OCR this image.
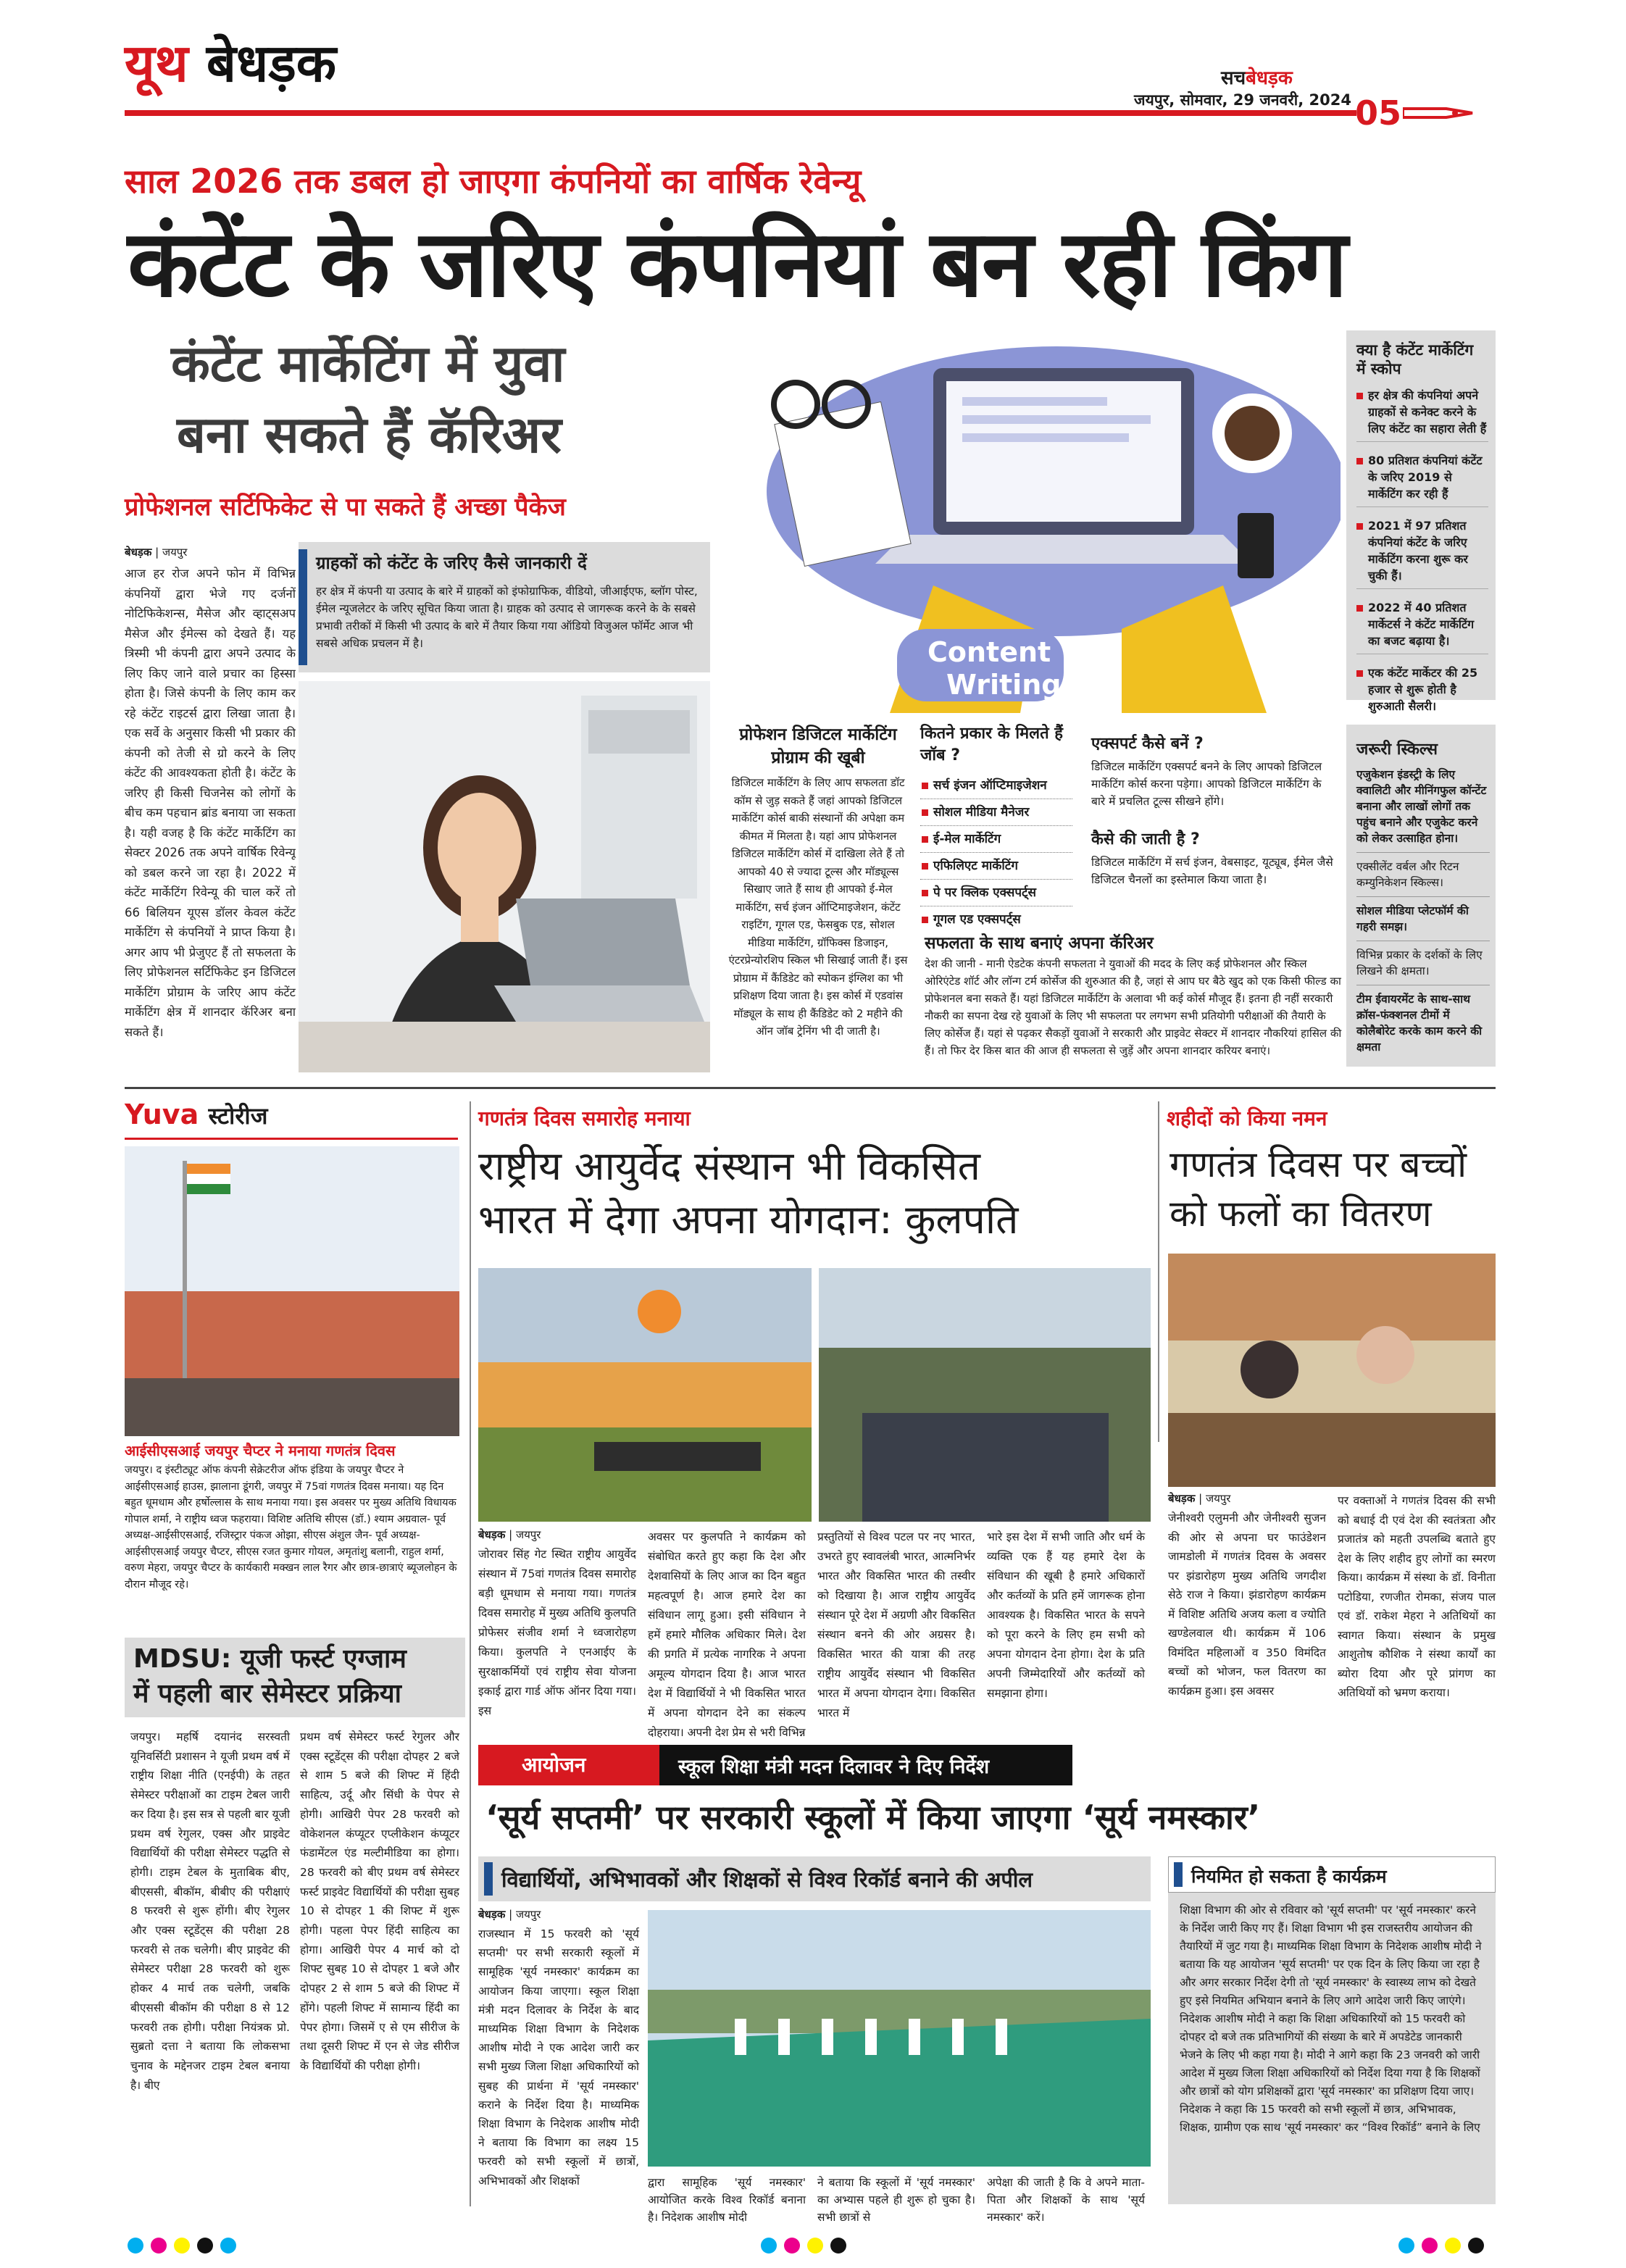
यूथ बेधड़क	सचबेधड़क
जयपुर, सोमवार, 29 जनवरी, 2024 05
साल 2026 तक डबल हो जाएगा कंपनियों का वार्षिक रेवेन्यू
कंटेंट के जरिए कंपनियां बन रही किंग
कंटेंट मार्केटिंग में युवा
बना सकते हैं कॅरिअर
प्रोफेशनल सर्टिफिकेट से पा सकते हैं अच्छा पैकेज
बेधड़क | जयपुर
आज हर रोज अपने फोन में विभिन्न कंपनियों द्वारा भेजे गए दर्जनों नोटिफिकेशन्स, मैसेज और व्हाट्सअप मैसेज और ईमेल्स को देखते हैं। यह त्रिस्मी भी कंपनी द्वारा अपने उत्पाद के लिए किए जाने वाले प्रचार का हिस्सा होता है। जिसे कंपनी के लिए काम कर रहे कंटेंट राइटर्स द्वारा लिखा जाता है। एक सर्वे के अनुसार किसी भी प्रकार की कंपनी को तेजी से ग्रो करने के लिए कंटेंट की आवश्यकता होती है। कंटेंट के जरिए ही किसी चिजनेस को लोगों के बीच कम पहचान ब्रांड बनाया जा सकता है। यही वजह है कि कंटेंट मार्केटिंग का सेक्टर 2026 तक अपने वार्षिक रिवेन्यू को डबल करने जा रहा है। 2022 में कंटेंट मार्केटिंग रिवेन्यू की चाल करें तो 66 बिलियन यूएस डॉलर केवल कंटेंट मार्केटिंग से कंपनियों ने प्राप्त किया है। अगर आप भी प्रेजुएट हैं तो सफलता के लिए प्रोफेशनल सर्टिफिकेट इन डिजिटल मार्केटिंग प्रोग्राम के जरिए आप कंटेंट मार्केटिंग क्षेत्र में शानदार कॅरिअर बना सकते हैं।
ग्राहकों को कंटेंट के जरिए कैसे जानकारी दें
हर क्षेत्र में कंपनी या उत्पाद के बारे में ग्राहकों को इंफोग्राफिक, वीडियो, जीआईएफ, ब्लॉग पोस्ट, ईमेल न्यूजलेटर के जरिए सूचित किया जाता है। ग्राहक को उत्पाद से जागरूक करने के के सबसे प्रभावी तरीकों में किसी भी उत्पाद के बारे में तैयार किया गया ऑडियो विजुअल फॉर्मेट आज भी सबसे अधिक प्रचलन में है।	Content
Writing
क्या है कंटेंट मार्केटिंग में स्कोप
हर क्षेत्र की कंपनियां अपने ग्राहकों से कनेक्ट करने के लिए कंटेंट का सहारा लेती हैं
80 प्रतिशत कंपनियां कंटेंट के जरिए 2019 से मार्केटिंग कर रही हैं
2021 में 97 प्रतिशत कंपनियां कंटेंट के जरिए मार्केटिंग करना शुरू कर चुकी हैं।
2022 में 40 प्रतिशत मार्केटर्स ने कंटेंट मार्केटिंग का बजट बढ़ाया है।
एक कंटेंट मार्केटर की 25 हजार से शुरू होती है शुरुआती सैलरी।
प्रोफेशन डिजिटल मार्केटिंग प्रोग्राम की खूबी
डिजिटल मार्केटिंग के लिए आप सफलता डॉट कॉम से जुड़ सकते हैं जहां आपको डिजिटल मार्केटिंग कोर्स बाकी संस्थानों की अपेक्षा कम कीमत में मिलता है। यहां आप प्रोफेशनल डिजिटल मार्केटिंग कोर्स में दाखिला लेते हैं तो आपको 40 से ज्यादा टूल्स और मॉड्यूल्स सिखाए जाते हैं साथ ही आपको ई-मेल मार्केटिंग, सर्च इंजन ऑप्टिमाइजेशन, कंटेंट राइटिंग, गूगल एड, फेसबुक एड, सोशल मीडिया मार्केटिंग, ग्रॉफिक्स डिजाइन, एंटरप्रेन्योरशिप स्किल भी सिखाई जाती हैं। इस प्रोग्राम में कैंडिडेट को स्पोकन इंग्लिश का भी प्रशिक्षण दिया जाता है। इस कोर्स में एडवांस मॉड्यूल के साथ ही कैंडिडेट को 2 महीने की ऑन जॉब ट्रेनिंग भी दी जाती है।
कितने प्रकार के मिलते हैं जॉब ?
सर्च इंजन ऑप्टिमाइजेशन
सोशल मीडिया मैनेजर
ई-मेल मार्केटिंग
एफिलिएट मार्केटिंग
पे पर क्लिक एक्सपर्ट्स
गूगल एड एक्सपर्ट्स
एक्सपर्ट कैसे बनें ?
डिजिटल मार्केटिंग एक्सपर्ट बनने के लिए आपको डिजिटल मार्केटिंग कोर्स करना पड़ेगा। आपको डिजिटल मार्केटिंग के बारे में प्रचलित टूल्स सीखने होंगे।
कैसे की जाती है ?
डिजिटल मार्केटिंग में सर्च इंजन, वेबसाइट, यूट्यूब, ईमेल जैसे डिजिटल चैनलों का इस्तेमाल किया जाता है।
सफलता के साथ बनाएं अपना कॅरिअर
देश की जानी - मानी ऐडटेक कंपनी सफलता ने युवाओं की मदद के लिए कई प्रोफेशनल और स्किल ओरिएंटेड शॉर्ट और लॉन्ग टर्म कोर्सेज की शुरुआत की है, जहां से आप घर बैठे खुद को एक किसी फील्ड का प्रोफेशनल बना सकते हैं। यहां डिजिटल मार्केटिंग के अलावा भी कई कोर्स मौजूद हैं। इतना ही नहीं सरकारी नौकरी का सपना देख रहे युवाओं के लिए भी सफलता पर लगभग सभी प्रतियोगी परीक्षाओं की तैयारी के लिए कोर्सेज हैं। यहां से पढ़कर सैकड़ों युवाओं ने सरकारी और प्राइवेट सेक्टर में शानदार नौकरियां हासिल की हैं। तो फिर देर किस बात की आज ही सफलता से जुड़ें और अपना शानदार करियर बनाएं।
जरूरी स्किल्स
एजुकेशन इंडस्ट्री के लिए क्वालिटी और मीनिंगफुल कॉन्टेंट बनाना और लाखों लोगों तक पहुंच बनाने और एजुकेट करने को लेकर उत्साहित होना।
एक्सीलेंट वर्बल और रिटन कम्युनिकेशन स्किल्स।
सोशल मीडिया प्लेटफॉर्म की गहरी समझ।
विभिन्न प्रकार के दर्शकों के लिए लिखने की क्षमता।
टीम ईवायरमेंट के साथ-साथ क्रॉस-फंक्शनल टीमों में कोलैबोरेट करके काम करने की क्षमता
Yuva स्टोरीज
आईसीएसआई जयपुर चैप्टर ने मनाया गणतंत्र दिवस
जयपुर। द इंस्टीट्यूट ऑफ कंपनी सेक्रेटरीज ऑफ इंडिया के जयपुर चैप्टर ने आईसीएसआई हाउस, झालाना डूंगरी, जयपुर में 75वां गणतंत्र दिवस मनाया। यह दिन बहुत धूमधाम और हर्षोल्लास के साथ मनाया गया। इस अवसर पर मुख्य अतिथि विधायक गोपाल शर्मा, ने राष्ट्रीय ध्वज फहराया। विशिष्ट अतिथि सीएस (डॉ.) श्याम अग्रवाल- पूर्व अध्यक्ष-आईसीएसआई, रजिस्ट्रार पंकज ओझा, सीएस अंशुल जैन- पूर्व अध्यक्ष-आईसीएसआई जयपुर चैप्टर, सीएस रजत कुमार गोयल, अमृतांशु बलानी, राहुल शर्मा, वरुण मेहरा, जयपुर चैप्टर के कार्यकारी मक्खन लाल रैगर और छात्र-छात्राएं ब्यूजलोहन के दौरान मौजूद रहे।
MDSU: यूजी फर्स्ट एग्जाम
में पहली बार सेमेस्टर प्रक्रिया
जयपुर। महर्षि दयानंद सरस्वती यूनिवर्सिटी प्रशासन ने यूजी प्रथम वर्ष में राष्ट्रीय शिक्षा नीति (एनईपी) के तहत सेमेस्टर परीक्षाओं का टाइम टेबल जारी कर दिया है। इस सत्र से पहली बार यूजी प्रथम वर्ष रेगुलर, एक्स और प्राइवेट विद्यार्थियों की परीक्षा सेमेस्टर पद्धति से होगी। टाइम टेबल के मुताबिक बीए, बीएससी, बीकॉम, बीबीए की परीक्षाएं 8 फरवरी से शुरू होंगी। बीए रेगुलर और एक्स स्टूडेंट्स की परीक्षा 28 फरवरी से तक चलेगी। बीए प्राइवेट की सेमेस्टर परीक्षा 28 फरवरी को शुरू होकर 4 मार्च तक चलेगी, जबकि बीएससी बीकॉम की परीक्षा 8 से 12 फरवरी तक होगी। परीक्षा नियंत्रक प्रो. सुब्रतो दत्ता ने बताया कि लोकसभा चुनाव के मद्देनजर टाइम टेबल बनाया है। बीए
प्रथम वर्ष सेमेस्टर फर्स्ट रेगुलर और एक्स स्टूडेंट्स की परीक्षा दोपहर 2 बजे से शाम 5 बजे की शिफ्ट में हिंदी साहित्य, उर्दू और सिंधी के पेपर से होगी। आखिरी पेपर 28 फरवरी को वोकेशनल कंप्यूटर एप्लीकेशन कंप्यूटर फंडामेंटल एंड मल्टीमीडिया का होगा। 28 फरवरी को बीए प्रथम वर्ष सेमेस्टर फर्स्ट प्राइवेट विद्यार्थियों की परीक्षा सुबह 10 से दोपहर 1 की शिफ्ट में शुरू होगी। पहला पेपर हिंदी साहित्य का होगा। आखिरी पेपर 4 मार्च को दो शिफ्ट सुबह 10 से दोपहर 1 बजे और दोपहर 2 से शाम 5 बजे की शिफ्ट में होंगे। पहली शिफ्ट में सामान्य हिंदी का पेपर होगा। जिसमें ए से एम सीरीज के तथा दूसरी शिफ्ट में एन से जेड सीरीज के विद्यार्थियों की परीक्षा होगी।
गणतंत्र दिवस समारोह मनाया
राष्ट्रीय आयुर्वेद संस्थान भी विकसित
भारत में देगा अपना योगदान: कुलपति
बेधड़क | जयपुर
जोरावर सिंह गेट स्थित राष्ट्रीय आयुर्वेद संस्थान में 75वां गणतंत्र दिवस समारोह बड़ी धूमधाम से मनाया गया। गणतंत्र दिवस समारोह में मुख्य अतिथि कुलपति प्रोफेसर संजीव शर्मा ने ध्वजारोहण किया। कुलपति ने एनआईए के सुरक्षाकर्मियों एवं राष्ट्रीय सेवा योजना इकाई द्वारा गार्ड ऑफ ऑनर दिया गया। इस
अवसर पर कुलपति ने कार्यक्रम को संबोधित करते हुए कहा कि देश और देशवासियों के लिए आज का दिन बहुत महत्वपूर्ण है। आज हमारे देश का संविधान लागू हुआ। इसी संविधान ने हमें हमारे मौलिक अधिकार मिले। देश की प्रगति में प्रत्येक नागरिक ने अपना अमूल्य योगदान दिया है। आज भारत देश में विद्यार्थियों ने भी विकसित भारत में अपना योगदान देने का संकल्प दोहराया। अपनी देश प्रेम से भरी विभिन्न
प्रस्तुतियों से विश्व पटल पर नए भारत, उभरते हुए स्वावलंबी भारत, आत्मनिर्भर भारत और विकसित भारत की तस्वीर को दिखाया है। आज राष्ट्रीय आयुर्वेद संस्थान पूरे देश में अग्रणी और विकसित संस्थान बनने की ओर अग्रसर है। विकसित भारत की यात्रा की तरह राष्ट्रीय आयुर्वेद संस्थान भी विकसित भारत में अपना योगदान देगा। विकसित भारत में
भारे इस देश में सभी जाति और धर्म के व्यक्ति एक हैं यह हमारे देश के संविधान की खूबी है हमारे अधिकारों और कर्तव्यों के प्रति हमें जागरूक होना आवश्यक है। विकसित भारत के सपने को पूरा करने के लिए हम सभी को अपना योगदान देना होगा। देश के प्रति अपनी जिम्मेदारियों और कर्तव्यों को समझाना होगा।
शहीदों को किया नमन
गणतंत्र दिवस पर बच्चों
को फलों का वितरण
बेधड़क | जयपुर
जेनीश्वरी एलुमनी और जेनीश्वरी सुजन की ओर से अपना घर फाउंडेशन जामडोली में गणतंत्र दिवस के अवसर पर झंडारोहण मुख्य अतिथि जगदीश सेठे राज ने किया। झंडारोहण कार्यक्रम में विशिष्ट अतिथि अजय कला व ज्योति खण्डेलवाल थी। कार्यक्रम में 106 विमंदित महिलाओं व 350 विमंदित बच्चों को भोजन, फल वितरण का कार्यक्रम हुआ। इस अवसर
पर वक्ताओं ने गणतंत्र दिवस की सभी को बधाई दी एवं देश की स्वतंत्रता और प्रजातंत्र को महती उपलब्धि बताते हुए देश के लिए शहीद हुए लोगों का स्मरण किया। कार्यक्रम में संस्था के डॉ. विनीता पटोडिया, रणजीत रोमका, संजय पाल एवं डॉ. राकेश मेहरा ने अतिथियों का स्वागत किया। संस्थान के प्रमुख आशुतोष कौशिक ने संस्था कार्यों का ब्योरा दिया और पूरे प्रांगण का अतिथियों को भ्रमण कराया।
आयोजन	स्कूल शिक्षा मंत्री मदन दिलावर ने दिए निर्देश
‘सूर्य सप्तमी’ पर सरकारी स्कूलों में किया जाएगा ‘सूर्य नमस्कार’
विद्यार्थियों, अभिभावकों और शिक्षकों से विश्व रिकॉर्ड बनाने की अपील
बेधड़क | जयपुर
राजस्थान में 15 फरवरी को 'सूर्य सप्तमी' पर सभी सरकारी स्कूलों में सामूहिक 'सूर्य नमस्कार' कार्यक्रम का आयोजन किया जाएगा। स्कूल शिक्षा मंत्री मदन दिलावर के निर्देश के बाद माध्यमिक शिक्षा विभाग के निदेशक आशीष मोदी ने एक आदेश जारी कर सभी मुख्य जिला शिक्षा अधिकारियों को सुबह की प्रार्थना में 'सूर्य नमस्कार' कराने के निर्देश दिया है। माध्यमिक शिक्षा विभाग के निदेशक आशीष मोदी ने बताया कि विभाग का लक्ष्य 15 फरवरी को सभी स्कूलों में छात्रों, अभिभावकों और शिक्षकों	द्वारा सामूहिक 'सूर्य नमस्कार' आयोजित करके विश्व रिकॉर्ड बनाना है। निदेशक आशीष मोदी
ने बताया कि स्कूलों में 'सूर्य नमस्कार' का अभ्यास पहले ही शुरू हो चुका है। सभी छात्रों से
अपेक्षा की जाती है कि वे अपने माता-पिता और शिक्षकों के साथ 'सूर्य नमस्कार' करें।
नियमित हो सकता है कार्यक्रम
शिक्षा विभाग की ओर से रविवार को 'सूर्य सप्तमी' पर 'सूर्य नमस्कार' करने के निर्देश जारी किए गए हैं। शिक्षा विभाग भी इस राजस्तरीय आयोजन की तैयारियों में जुट गया है। माध्यमिक शिक्षा विभाग के निदेशक आशीष मोदी ने बताया कि यह आयोजन 'सूर्य सप्तमी' पर एक दिन के लिए किया जा रहा है और अगर सरकार निर्देश देगी तो 'सूर्य नमस्कार' के स्वास्थ्य लाभ को देखते हुए इसे नियमित अभियान बनाने के लिए आगे आदेश जारी किए जाएंगे। निदेशक आशीष मोदी ने कहा कि शिक्षा अधिकारियों को 15 फरवरी को दोपहर दो बजे तक प्रतिभागियों की संख्या के बारे में अपडेटेड जानकारी भेजने के लिए भी कहा गया है। मोदी ने आगे कहा कि 23 जनवरी को जारी आदेश में मुख्य जिला शिक्षा अधिकारियों को निर्देश दिया गया है कि शिक्षकों और छात्रों को योग प्रशिक्षकों द्वारा 'सूर्य नमस्कार' का प्रशिक्षण दिया जाए। निदेशक ने कहा कि 15 फरवरी को सभी स्कूलों में छात्र, अभिभावक, शिक्षक, ग्रामीण एक साथ 'सूर्य नमस्कार' कर “विश्व रिकॉर्ड” बनाने के लिए
